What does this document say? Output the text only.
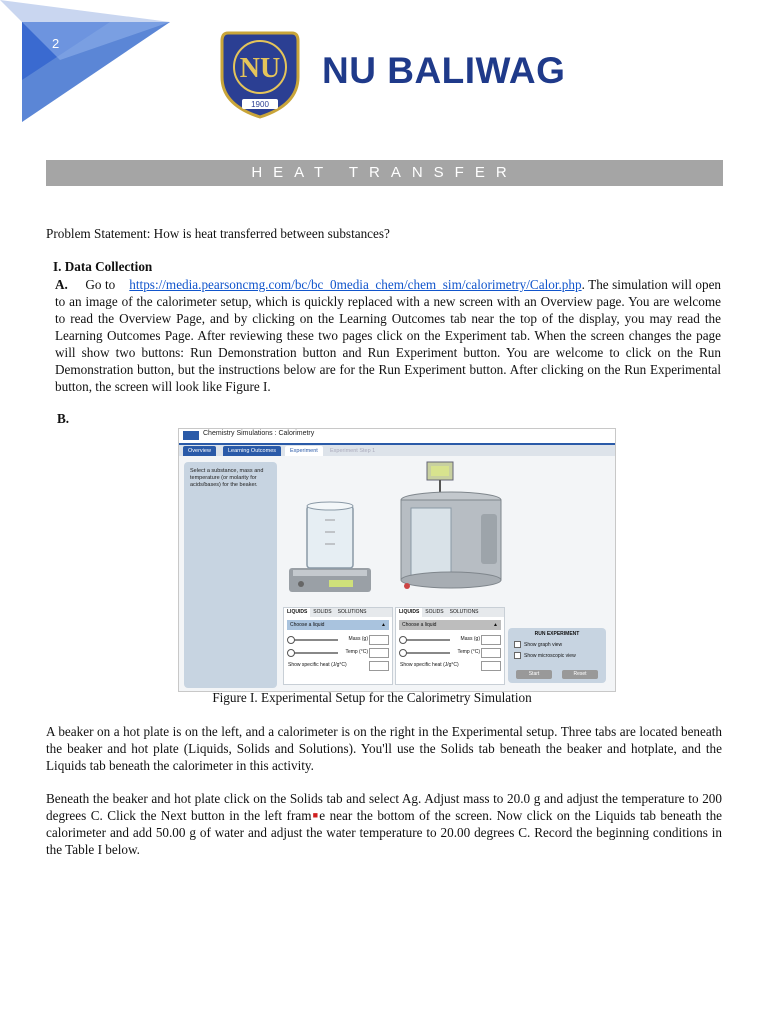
2
NU
1900
NU BALIWAG
HEAT TRANSFER
Problem Statement: How is heat transferred between substances?
I. Data Collection
A. Go to https://media.pearsoncmg.com/bc/bc_0media_chem/chem_sim/calorimetry/Calor.php. The simulation will open to an image of the calorimeter setup, which is quickly replaced with a new screen with an Overview page. You are welcome to read the Overview Page, and by clicking on the Learning Outcomes tab near the top of the display, you may read the Learning Outcomes Page. After reviewing these two pages click on the Experiment tab. When the screen changes the page will show two buttons: Run Demonstration button and Run Experiment button. You are welcome to click on the Run Demonstration button, but the instructions below are for the Run Experiment button. After clicking on the Run Experimental button, the screen will look like Figure I.
B.
Chemistry Simulations : Calorimetry
Overview	Learning Outcomes	Experiment	Experiment Step 1

Select a substance, mass and temperature (or molarity for acids/bases) for the beaker.

LIQUIDS SOLIDS SOLUTIONS
Choose a liquid ▲
Mass (g)
Temp (°C)
Show specific heat (J/g°C)
LIQUIDS SOLIDS SOLUTIONS
Choose a liquid ▲
Mass (g)
Temp (°C)
Show specific heat (J/g°C)
RUN EXPERIMENT
Show graph view
Show microscopic view
Start	Reset
Figure I. Experimental Setup for the Calorimetry Simulation
A beaker on a hot plate is on the left, and a calorimeter is on the right in the Experimental setup. Three tabs are located beneath the beaker and hot plate (Liquids, Solids and Solutions). You'll use the Solids tab beneath the beaker and hotplate, and the Liquids tab beneath the calorimeter in this activity.
Beneath the beaker and hot plate click on the Solids tab and select Ag. Adjust mass to 20.0 g and adjust the temperature to 200 degrees C. Click the Next button in the left fram■e near the bottom of the screen. Now click on the Liquids tab beneath the calorimeter and add 50.00 g of water and adjust the water temperature to 20.00 degrees C. Record the beginning conditions in the Table I below.
